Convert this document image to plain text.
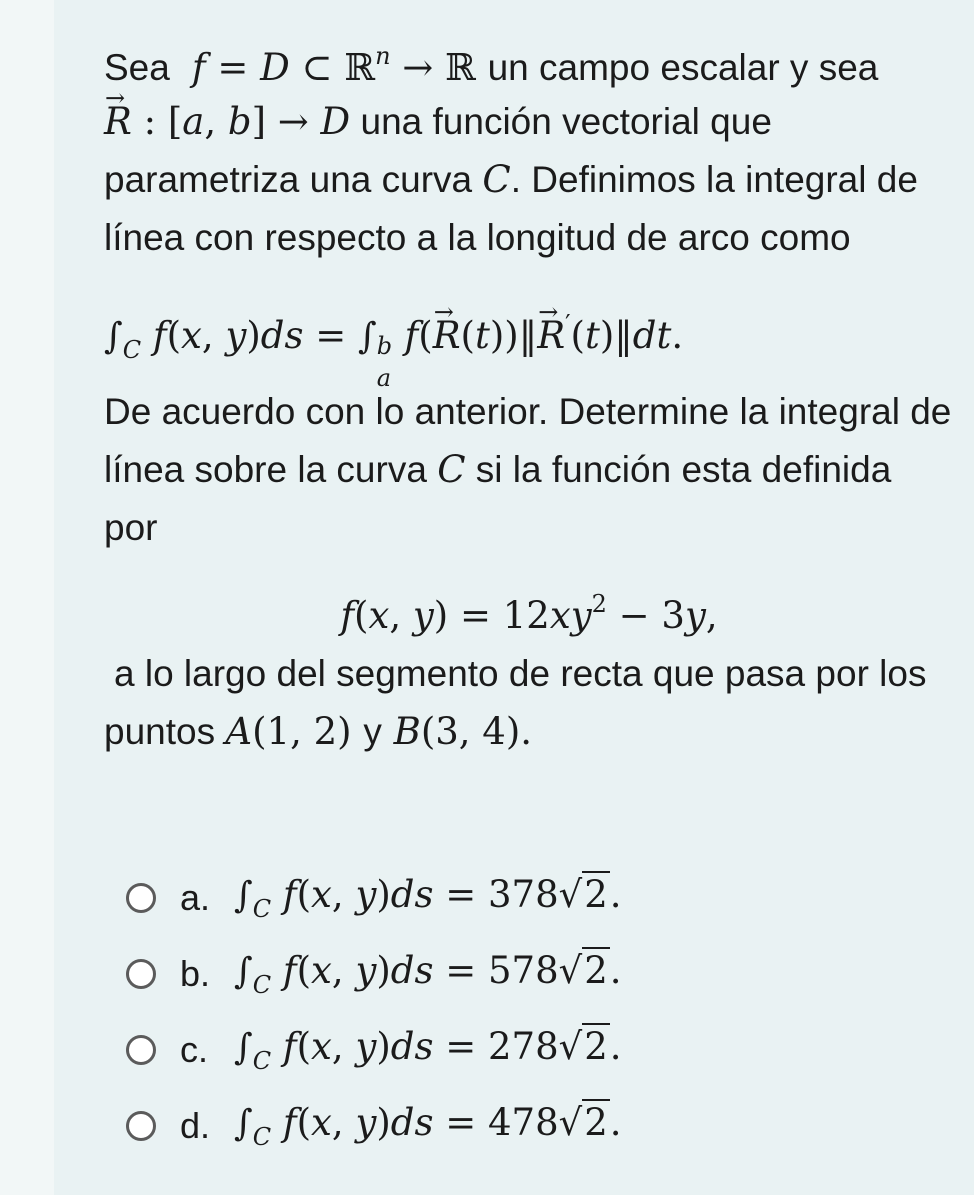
Sea  f = D ⊂ ℝ$^n$ → ℝ un campo escalar y sea
→ R : [a, b] → D una función vectorial que
parametriza una curva C. Definimos la integral de
línea con respecto a la longitud de arco como
$\int_C$ f(x, y)ds = ∫ b
a
f(→ R(t))‖→ R′(t)‖dt.
De acuerdo con lo anterior. Determine la integral de
línea sobre la curva C si la función esta definida
por
f(x, $y) = 12xy^2 - 3y$,
a lo largo del segmento de recta que pasa por los
puntos A(1, 2) y B(3, 4).
a. $\int_C$ f(x, y)ds = 378√2.
b. $\int_C$ f(x, y)ds = 578√2.
c. $\int_C$ f(x, y)ds = 278√2.
d. $\int_C$ f(x, y)ds = 478√2.
